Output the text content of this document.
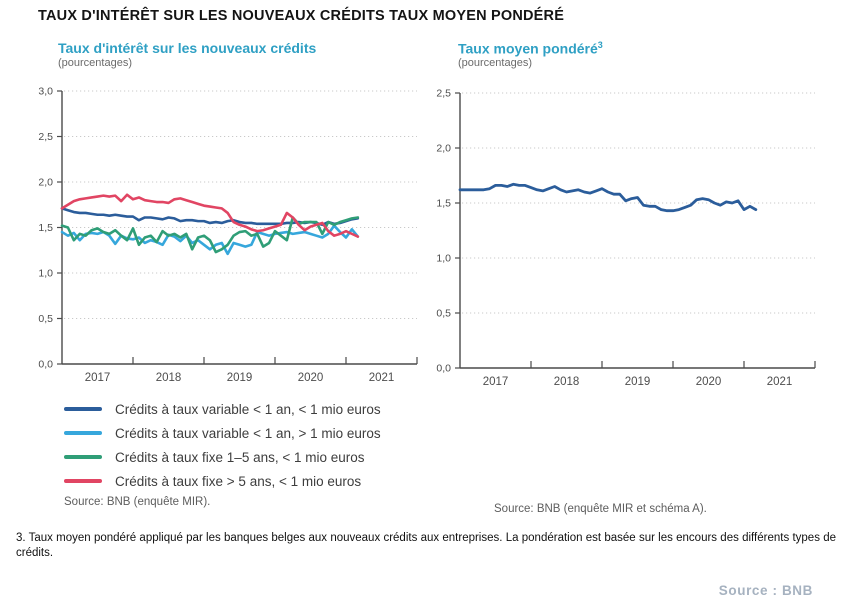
TAUX D'INTÉRÊT SUR LES NOUVEAUX CRÉDITS TAUX MOYEN PONDÉRÉ
Taux d'intérêt sur les nouveaux crédits
(pourcentages)
Taux moyen pondéré$^3$
(pourcentages)
0,0
0,5
1,0
1,5
2,0
2,5
3,0
2017	2018	2019	2020	2021
0,0
0,5
1,0
1,5
2,0
2,5
2017	2018	2019	2020	2021
Crédits à taux variable < 1 an, < 1 mio euros
Crédits à taux variable < 1 an, > 1 mio euros
Crédits à taux fixe 1–5 ans, < 1 mio euros
Crédits à taux fixe > 5 ans, < 1 mio euros
Source: BNB (enquête MIR).
Source: BNB (enquête MIR et schéma A).
3. Taux moyen pondéré appliqué par les banques belges aux nouveaux crédits aux entreprises. La pondération est basée sur les encours des différents types de crédits.
Source : BNB
